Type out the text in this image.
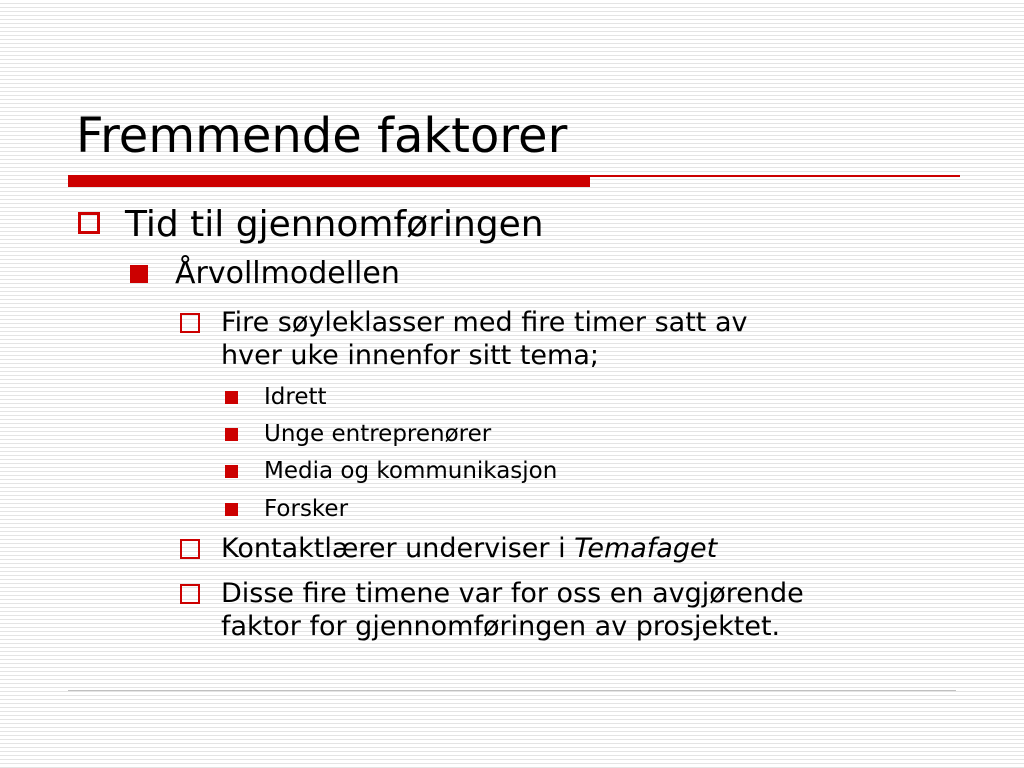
Fremmende faktorer
Tid til gjennomføringen
Årvollmodellen
Fire søyleklasser med fire timer satt av
hver uke innenfor sitt tema;
Idrett
Unge entreprenører
Media og kommunikasjon
Forsker
Kontaktlærer underviser i Temafaget
Disse fire timene var for oss en avgjørende
faktor for gjennomføringen av prosjektet.
